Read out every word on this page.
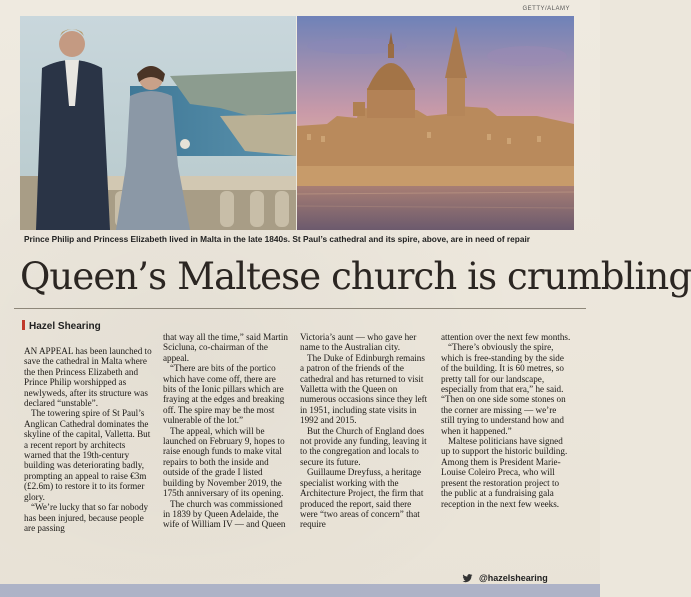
GETTY/ALAMY
Prince Philip and Princess Elizabeth lived in Malta in the late 1840s. St Paul’s cathedral and its spire, above, are in need of repair
Queen’s Maltese church is crumbling
Hazel Shearing

AN APPEAL has been launched to save the cathedral in Malta where the then Princess Elizabeth and Prince Philip worshipped as newlyweds, after its structure was declared “unstable”.

The towering spire of St Paul’s Anglican Cathedral dominates the skyline of the capital, Valletta. But a recent report by architects warned that the 19th-century building was deteriorating badly, prompting an appeal to raise €3m (£2.6m) to restore it to its former glory.

“We’re lucky that so far nobody has been injured, because people are passing

that way all the time,” said Martin Scicluna, co-chairman of the appeal.

“There are bits of the portico which have come off, there are bits of the Ionic pillars which are fraying at the edges and breaking off. The spire may be the most vulnerable of the lot.”

The appeal, which will be launched on February 9, hopes to raise enough funds to make vital repairs to both the inside and outside of the grade I listed building by November 2019, the 175th anniversary of its opening.

The church was commissioned in 1839 by Queen Adelaide, the wife of William IV — and Queen

Victoria’s aunt — who gave her name to the Australian city.

The Duke of Edinburgh remains a patron of the friends of the cathedral and has returned to visit Valletta with the Queen on numerous occasions since they left in 1951, including state visits in 1992 and 2015.

But the Church of England does not provide any funding, leaving it to the congregation and locals to secure its future.

Guillaume Dreyfuss, a heritage specialist working with the Architecture Project, the firm that produced the report, said there were “two areas of concern” that require

attention over the next few months.

“There’s obviously the spire, which is free-standing by the side of the building. It is 60 metres, so pretty tall for our landscape, especially from that era,” he said. “Then on one side some stones on the corner are missing — we’re still trying to understand how and when it happened.”

Maltese politicians have signed up to support the historic building. Among them is President Marie-Louise Coleiro Preca, who will present the restoration project to the public at a fundraising gala reception in the next few weeks.

@hazelshearing
